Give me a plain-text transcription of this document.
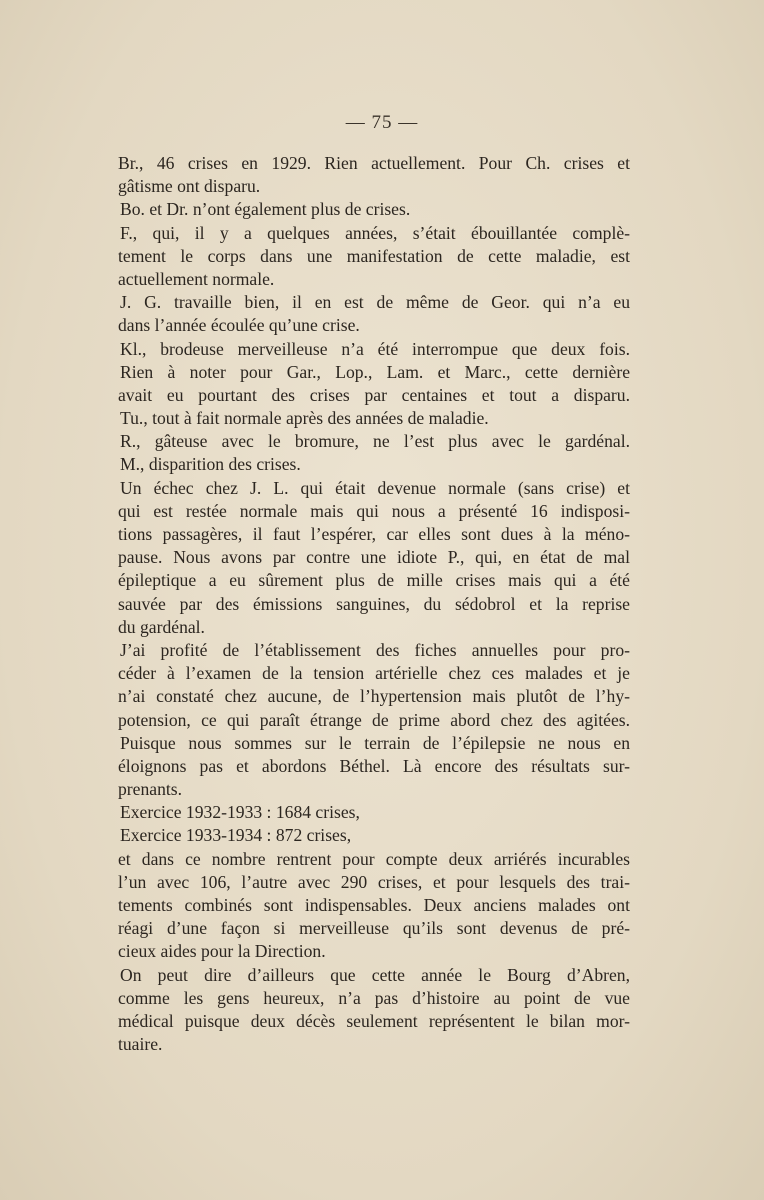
— 75 —
Br., 46 crises en 1929. Rien actuellement. Pour Ch. crises et
gâtisme ont disparu.
Bo. et Dr. n’ont également plus de crises.
F., qui, il y a quelques années, s’était ébouillantée complè-
tement le corps dans une manifestation de cette maladie, est
actuellement normale.
J. G. travaille bien, il en est de même de Geor. qui n’a eu
dans l’année écoulée qu’une crise.
Kl., brodeuse merveilleuse n’a été interrompue que deux fois.
Rien à noter pour Gar., Lop., Lam. et Marc., cette dernière
avait eu pourtant des crises par centaines et tout a disparu.
Tu., tout à fait normale après des années de maladie.
R., gâteuse avec le bromure, ne l’est plus avec le gardénal.
M., disparition des crises.
Un échec chez J. L. qui était devenue normale (sans crise) et
qui est restée normale mais qui nous a présenté 16 indisposi-
tions passagères, il faut l’espérer, car elles sont dues à la méno-
pause. Nous avons par contre une idiote P., qui, en état de mal
épileptique a eu sûrement plus de mille crises mais qui a été
sauvée par des émissions sanguines, du sédobrol et la reprise
du gardénal.
J’ai profité de l’établissement des fiches annuelles pour pro-
céder à l’examen de la tension artérielle chez ces malades et je
n’ai constaté chez aucune, de l’hypertension mais plutôt de l’hy-
potension, ce qui paraît étrange de prime abord chez des agitées.
Puisque nous sommes sur le terrain de l’épilepsie ne nous en
éloignons pas et abordons Béthel. Là encore des résultats sur-
prenants.
Exercice 1932-1933 : 1684 crises,
Exercice 1933-1934 : 872 crises,
et dans ce nombre rentrent pour compte deux arriérés incurables
l’un avec 106, l’autre avec 290 crises, et pour lesquels des trai-
tements combinés sont indispensables. Deux anciens malades ont
réagi d’une façon si merveilleuse qu’ils sont devenus de pré-
cieux aides pour la Direction.
On peut dire d’ailleurs que cette année le Bourg d’Abren,
comme les gens heureux, n’a pas d’histoire au point de vue
médical puisque deux décès seulement représentent le bilan mor-
tuaire.
